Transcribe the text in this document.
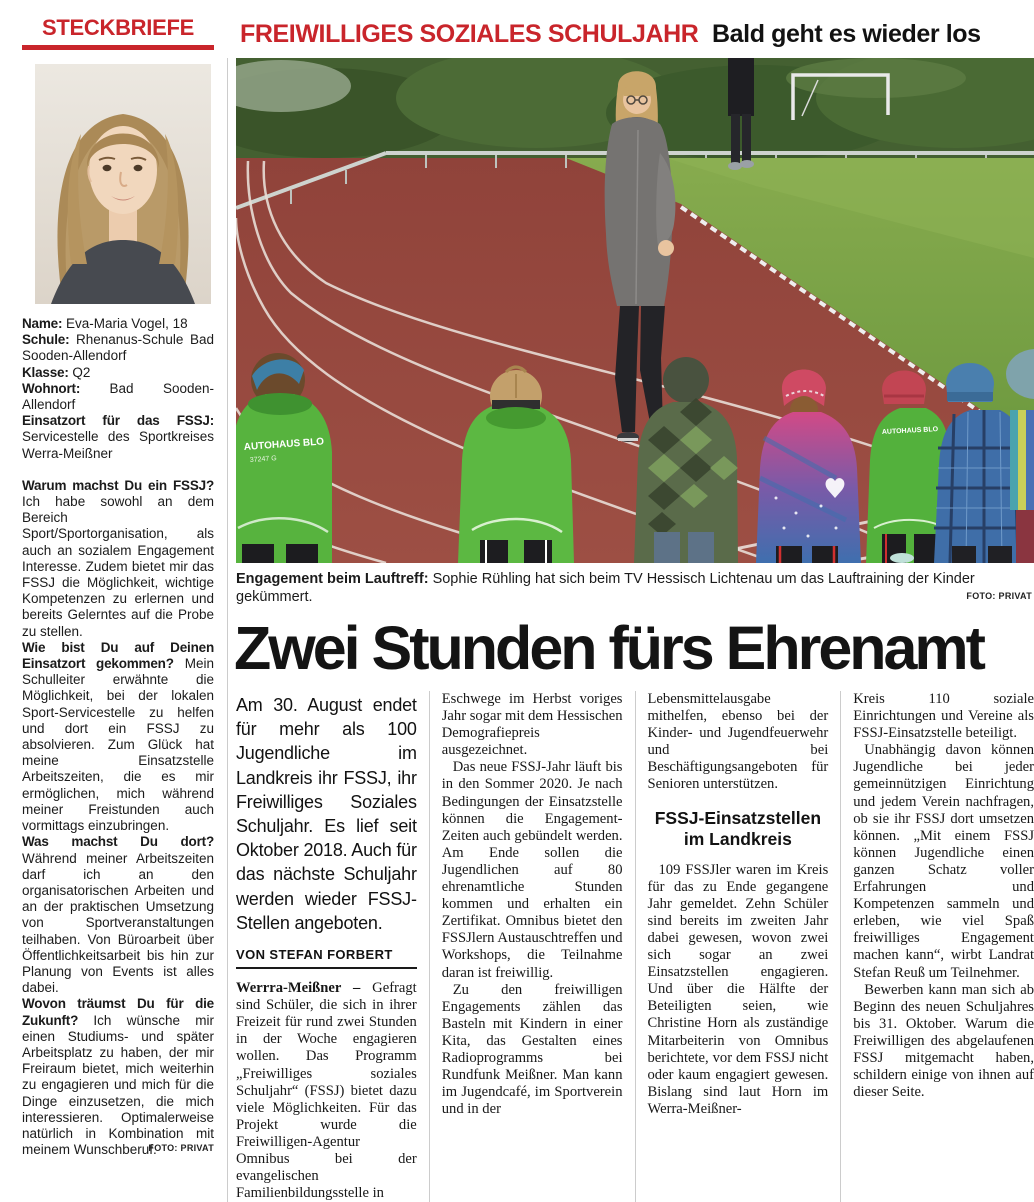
STECKBRIEFE	FREIWILLIGES SOZIALES SCHULJAHR Bald geht es wieder los

Name: Eva-Maria Vogel, 18

Schule: Rhenanus-Schule Bad Sooden-Allendorf

Klasse: Q2

Wohnort: Bad Sooden-Allendorf

Einsatzort für das FSSJ: Servicestelle des Sportkreises Werra-Meißner

Warum machst Du ein FSSJ? Ich habe sowohl an dem Bereich Sport/Sportorganisation, als auch an sozialem Engagement Interesse. Zudem bietet mir das FSSJ die Möglichkeit, wichtige Kompetenzen zu erlernen und bereits Gelerntes auf die Probe zu stellen.

Wie bist Du auf Deinen Einsatzort gekommen? Mein Schulleiter erwähnte die Möglichkeit, bei der lokalen Sport-Servicestelle zu helfen und dort ein FSSJ zu absolvieren. Zum Glück hat meine Einsatzstelle Arbeitszeiten, die es mir ermöglichen, mich während meiner Freistunden auch vormittags einzubringen.

Was machst Du dort? Während meiner Arbeitszeiten darf ich an den organisatorischen Arbeiten und an der praktischen Umsetzung von Sportveranstaltungen teilhaben. Von Büroarbeit über Öffentlichkeitsarbeit bis hin zur Planung von Events ist alles dabei.

Wovon träumst Du für die Zukunft? Ich wünsche mir einen Studiums- und später Arbeitsplatz zu haben, der mir Freiraum bietet, mich weiterhin zu engagieren und mich für die Dinge einzusetzen, die mich interessieren. Optimalerweise natürlich in Kombination mit meinem Wunschberuf.
FOTO: PRIVAT

AUTOHAUS BLO
37247 G
AUTOHAUS BLO
Engagement beim Lauftreff: Sophie Rühling hat sich beim TV Hessisch Lichtenau um das Lauftraining der Kinder gekümmert.	FOTO: PRIVAT
Zwei Stunden fürs Ehrenamt

Am 30. August endet für mehr als 100 Jugendliche im Landkreis ihr FSSJ, ihr Freiwilliges Soziales Schuljahr. Es lief seit Oktober 2018. Auch für das nächste Schuljahr werden wieder FSSJ-Stellen angeboten.

VON STEFAN FORBERT

Werrra-Meißner – Gefragt sind Schüler, die sich in ihrer Freizeit für rund zwei Stunden in der Woche engagieren wollen. Das Programm „Freiwilliges soziales Schuljahr“ (FSSJ) bietet dazu viele Möglichkeiten. Für das Projekt wurde die Freiwilligen-Agentur Omnibus bei der evangelischen Familienbildungsstelle in

Eschwege im Herbst voriges Jahr sogar mit dem Hessischen Demografiepreis ausgezeichnet.

Das neue FSSJ-Jahr läuft bis in den Sommer 2020. Je nach Bedingungen der Einsatzstelle können die Engagement-Zeiten auch gebündelt werden. Am Ende sollen die Jugendlichen auf 80 ehrenamtliche Stunden kommen und erhalten ein Zertifikat. Omnibus bietet den FSSJlern Austauschtreffen und Workshops, die Teilnahme daran ist freiwillig.

Zu den freiwilligen Engagements zählen das Basteln mit Kindern in einer Kita, das Gestalten eines Radioprogramms bei Rundfunk Meißner. Man kann im Jugendcafé, im Sportverein und in der

Lebensmittelausgabe mithelfen, ebenso bei der Kinder- und Jugendfeuerwehr und bei Beschäftigungsangeboten für Senioren unterstützen.

FSSJ-Einsatzstellen im Landkreis

109 FSSJler waren im Kreis für das zu Ende gegangene Jahr gemeldet. Zehn Schüler sind bereits im zweiten Jahr dabei gewesen, wovon zwei sich sogar an zwei Einsatzstellen engagieren. Und über die Hälfte der Beteiligten seien, wie Christine Horn als zuständige Mitarbeiterin von Omnibus berichtete, vor dem FSSJ nicht oder kaum engagiert gewesen. Bislang sind laut Horn im Werra-Meißner-

Kreis 110 soziale Einrichtungen und Vereine als FSSJ-Einsatzstelle beteiligt.

Unabhängig davon können Jugendliche bei jeder gemeinnützigen Einrichtung und jedem Verein nachfragen, ob sie ihr FSSJ dort umsetzen können. „Mit einem FSSJ können Jugendliche einen ganzen Schatz voller Erfahrungen und Kompetenzen sammeln und erleben, wie viel Spaß freiwilliges Engagement machen kann“, wirbt Landrat Stefan Reuß um Teilnehmer.

Bewerben kann man sich ab Beginn des neuen Schuljahres bis 31. Oktober. Warum die Freiwilligen des abgelaufenen FSSJ mitgemacht haben, schildern einige von ihnen auf dieser Seite.
